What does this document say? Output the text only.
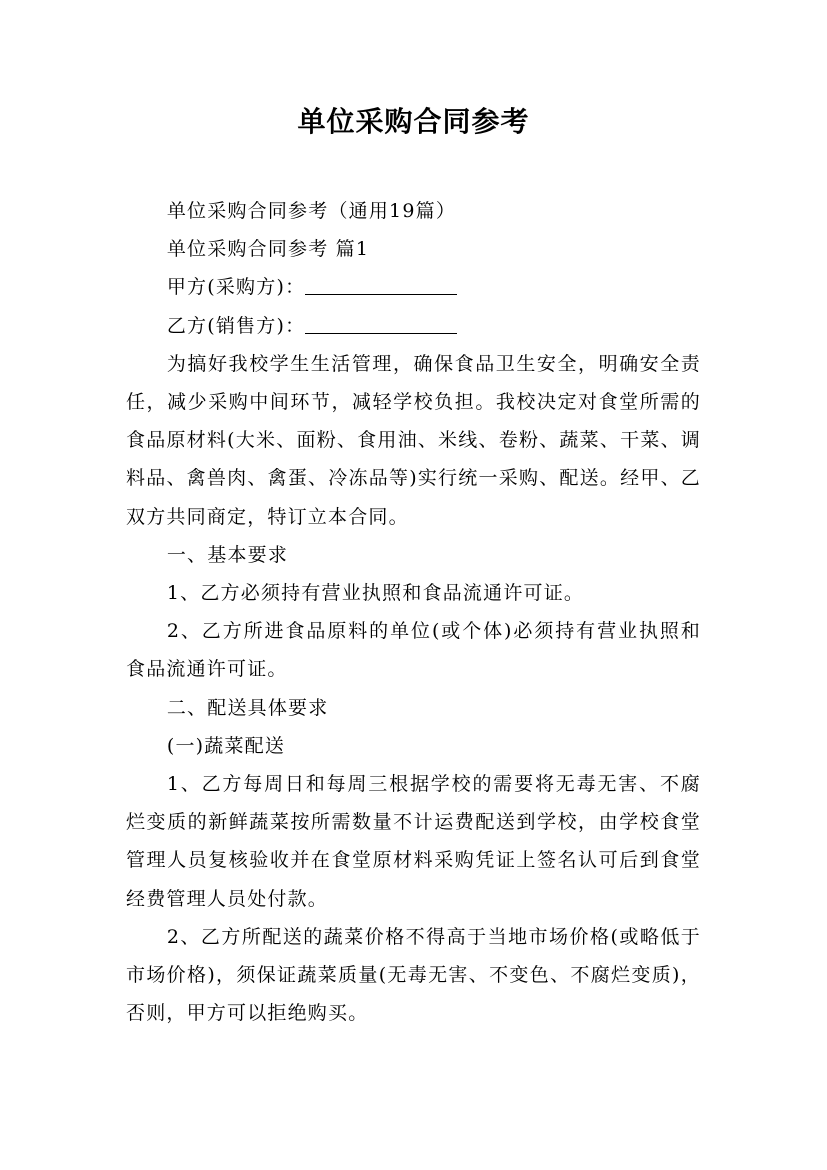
单位采购合同参考

单位采购合同参考（通用19篇）

单位采购合同参考 篇1

甲方(采购方)：

乙方(销售方)：

为搞好我校学生生活管理，确保食品卫生安全，明确安全责任，减少采购中间环节，减轻学校负担。我校决定对食堂所需的食品原材料(大米、面粉、食用油、米线、卷粉、蔬菜、干菜、调料品、禽兽肉、禽蛋、冷冻品等)实行统一采购、配送。经甲、乙双方共同商定，特订立本合同。

一、基本要求

1、乙方必须持有营业执照和食品流通许可证。

2、乙方所进食品原料的单位(或个体)必须持有营业执照和食品流通许可证。

二、配送具体要求

(一)蔬菜配送

1、乙方每周日和每周三根据学校的需要将无毒无害、不腐烂变质的新鲜蔬菜按所需数量不计运费配送到学校，由学校食堂管理人员复核验收并在食堂原材料采购凭证上签名认可后到食堂经费管理人员处付款。

2、乙方所配送的蔬菜价格不得高于当地市场价格(或略低于市场价格)，须保证蔬菜质量(无毒无害、不变色、不腐烂变质)，否则，甲方可以拒绝购买。
